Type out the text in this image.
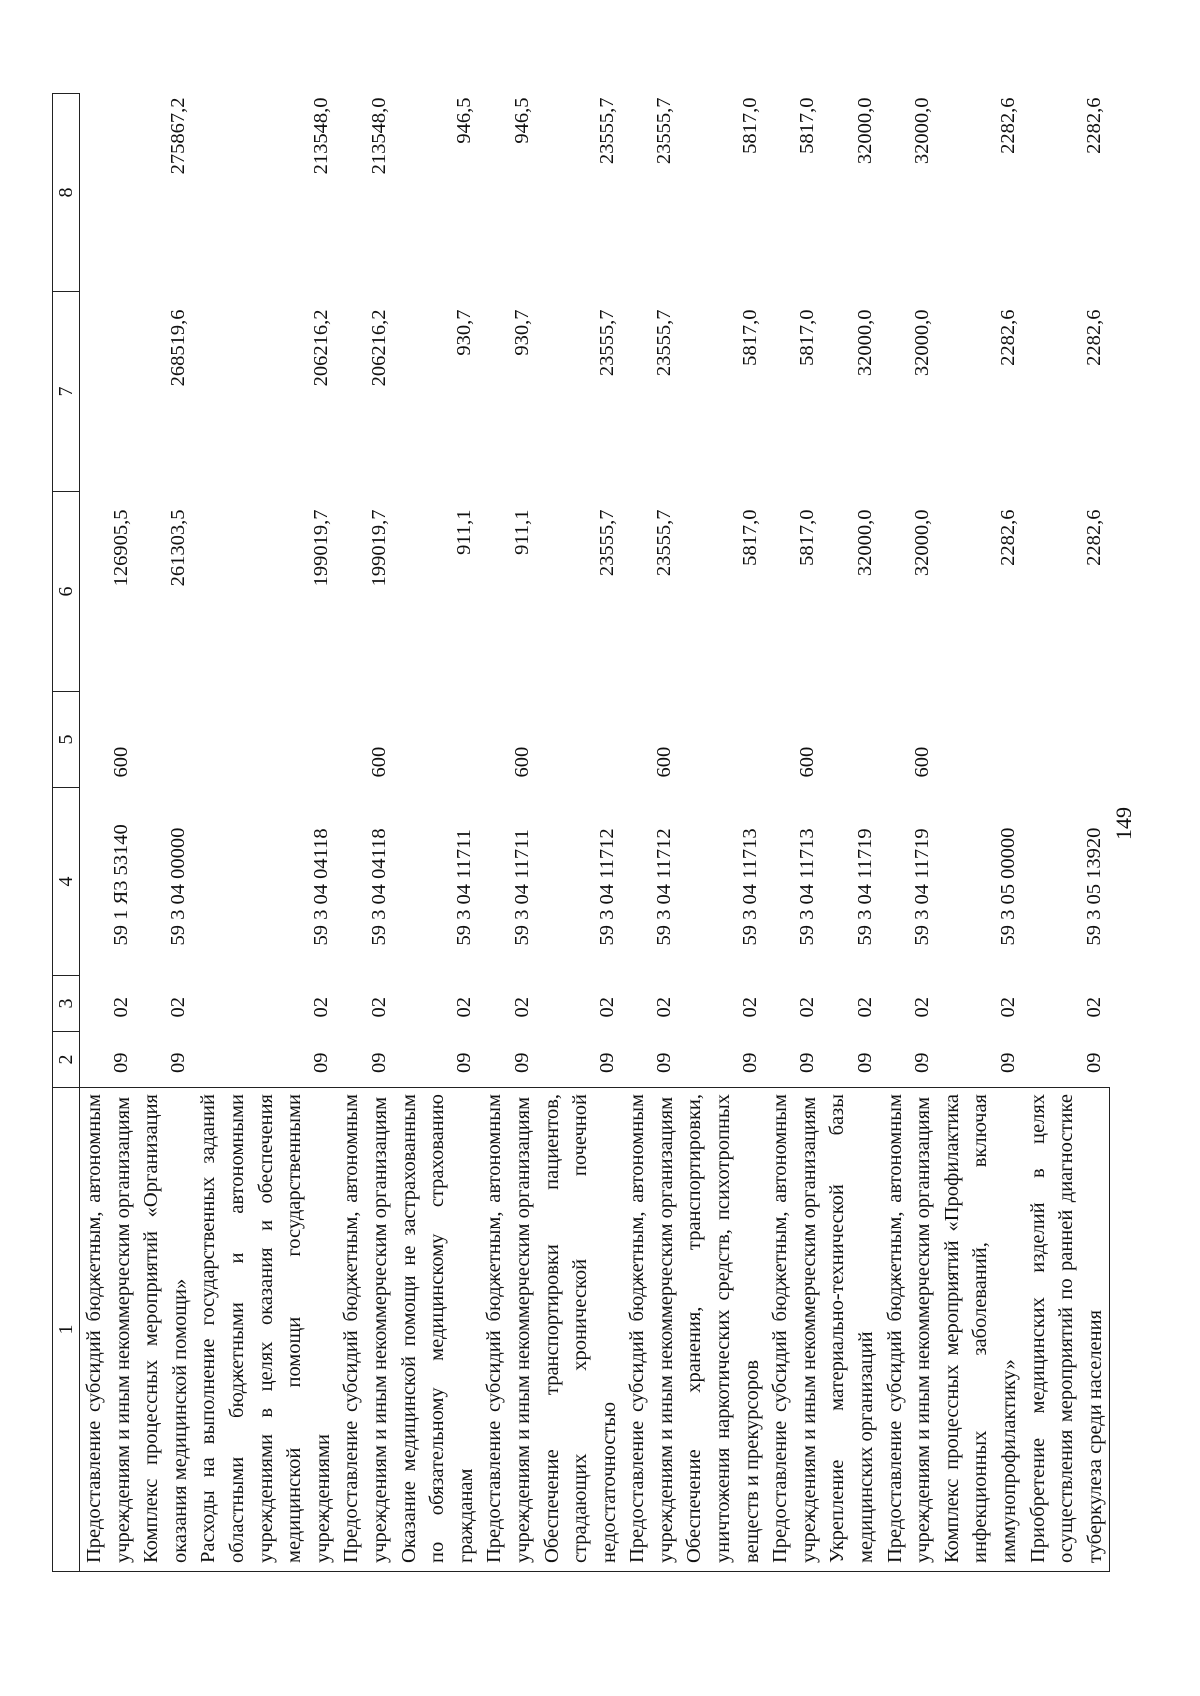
149
1	2	3	4	5	6	7	8
Предоставление субсидий бюджетным, автономным учреждениям и иным некоммерческим организациям	09	02	59 1 Я3 53140	600	126905,5		
Комплекс процессных мероприятий «Организация оказания медицинской помощи»	09	02	59 3 04 00000		261303,5	268519,6	275867,2
Расходы на выполнение государственных заданий областными бюджетными и автономными учреждениями в целях оказания и обеспечения медицинской помощи государственными учреждениями	09	02	59 3 04 04118		199019,7	206216,2	213548,0
Предоставление субсидий бюджетным, автономным учреждениям и иным некоммерческим организациям	09	02	59 3 04 04118	600	199019,7	206216,2	213548,0
Оказание медицинской помощи не застрахованным по обязательному медицинскому страхованию гражданам	09	02	59 3 04 11711		911,1	930,7	946,5
Предоставление субсидий бюджетным, автономным учреждениям и иным некоммерческим организациям	09	02	59 3 04 11711	600	911,1	930,7	946,5
Обеспечение транспортировки пациентов, страдающих хронической почечной недостаточностью	09	02	59 3 04 11712		23555,7	23555,7	23555,7
Предоставление субсидий бюджетным, автономным учреждениям и иным некоммерческим организациям	09	02	59 3 04 11712	600	23555,7	23555,7	23555,7
Обеспечение хранения, транспортировки, уничтожения наркотических средств, психотропных веществ и прекурсоров	09	02	59 3 04 11713		5817,0	5817,0	5817,0
Предоставление субсидий бюджетным, автономным учреждениям и иным некоммерческим организациям	09	02	59 3 04 11713	600	5817,0	5817,0	5817,0
Укрепление материально-технической базы медицинских организаций	09	02	59 3 04 11719		32000,0	32000,0	32000,0
Предоставление субсидий бюджетным, автономным учреждениям и иным некоммерческим организациям	09	02	59 3 04 11719	600	32000,0	32000,0	32000,0
Комплекс процессных мероприятий «Профилактика инфекционных заболеваний, включая иммунопрофилактику»	09	02	59 3 05 00000		2282,6	2282,6	2282,6
Приобретение медицинских изделий в целях осуществления мероприятий по ранней диагностике туберкулеза среди населения	09	02	59 3 05 13920		2282,6	2282,6	2282,6
